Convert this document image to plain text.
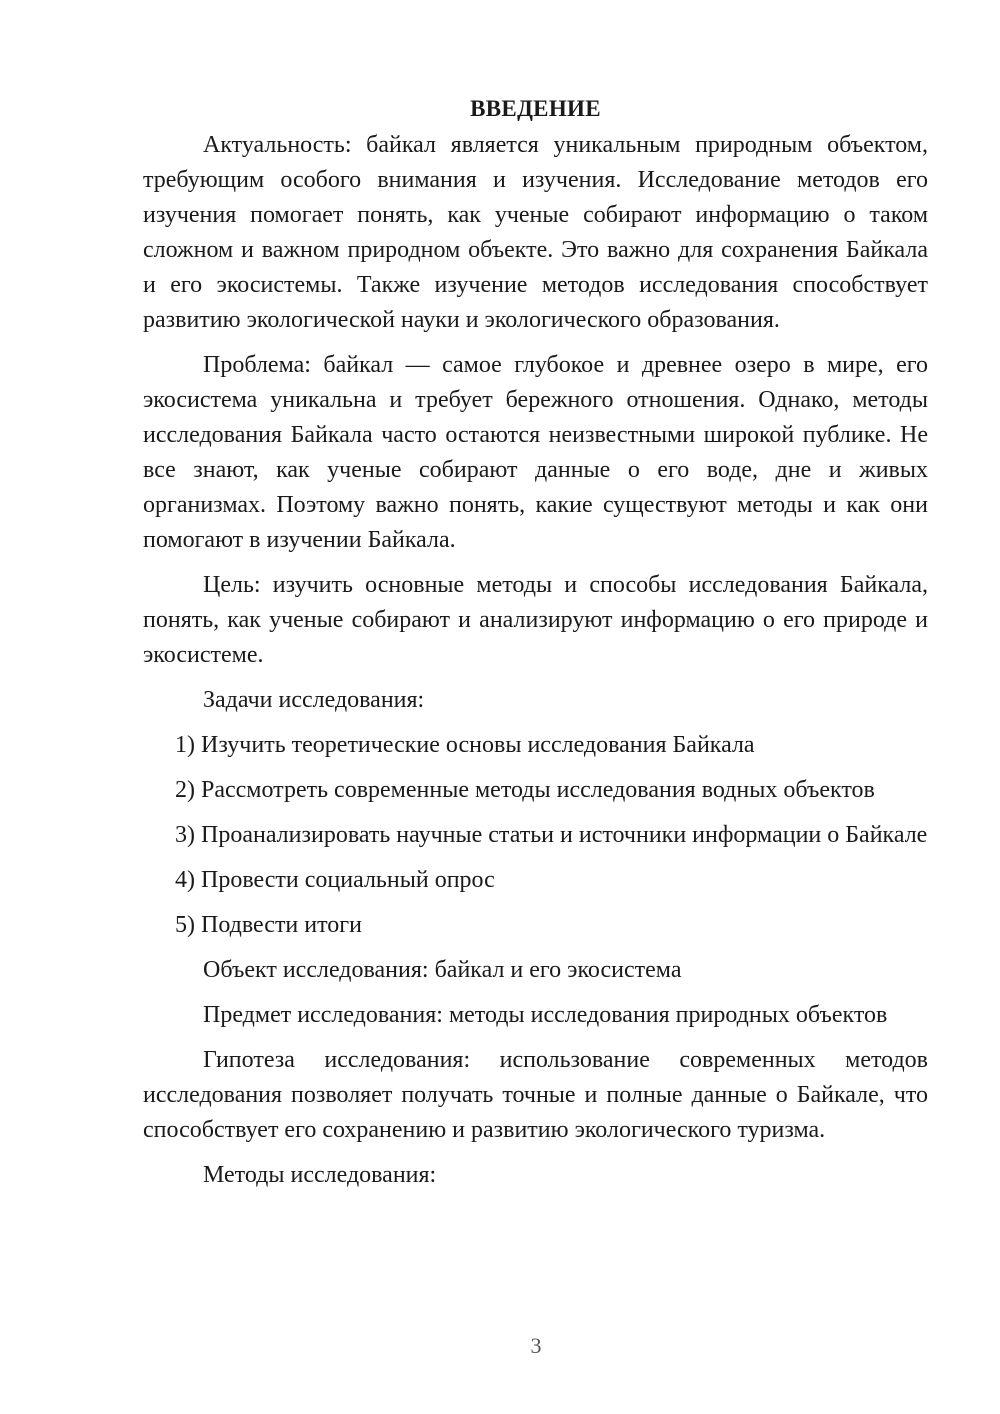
ВВЕДЕНИЕ

Актуальность: байкал является уникальным природным объектом, требующим особого внимания и изучения. Исследование методов его изучения помогает понять, как ученые собирают информацию о таком сложном и важном природном объекте. Это важно для сохранения Байкала и его экосистемы. Также изучение методов исследования способствует развитию экологической науки и экологического образования.

Проблема: байкал — самое глубокое и древнее озеро в мире, его экосистема уникальна и требует бережного отношения. Однако, методы исследования Байкала часто остаются неизвестными широкой публике. Не все знают, как ученые собирают данные о его воде, дне и живых организмах. Поэтому важно понять, какие существуют методы и как они помогают в изучении Байкала.

Цель: изучить основные методы и способы исследования Байкала, понять, как ученые собирают и анализируют информацию о его природе и экосистеме.

Задачи исследования:

1) Изучить теоретические основы исследования Байкала

2) Рассмотреть современные методы исследования водных объектов

3) Проанализировать научные статьи и источники информации о Байкале

4) Провести социальный опрос

5) Подвести итоги

Объект исследования: байкал и его экосистема

Предмет исследования: методы исследования природных объектов

Гипотеза исследования: использование современных методов исследования позволяет получать точные и полные данные о Байкале, что способствует его сохранению и развитию экологического туризма.

Методы исследования:

3
